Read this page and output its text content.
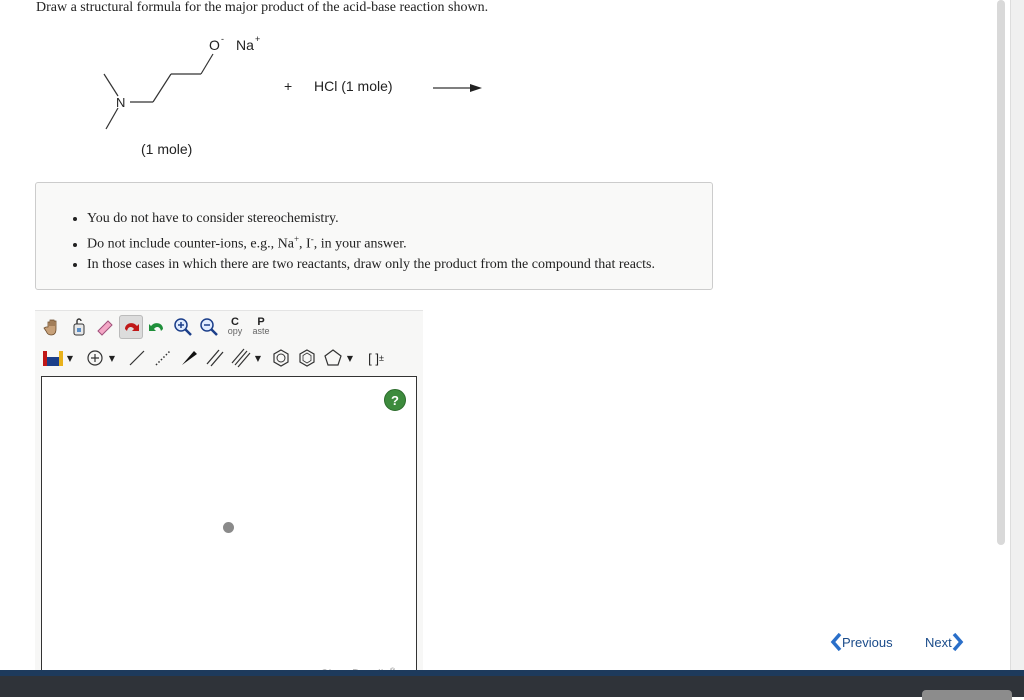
Draw a structural formula for the major product of the acid-base reaction shown.
O - Na +
N
+ HCl (1 mole)
(1 mole)
• You do not have to consider stereochemistry.
• Do not include counter-ions, e.g., Na+, I-, in your answer.
• In those cases in which there are two reactants, draw only the product from the compound that reacts.
C
opy
P
aste
▼	▼	▼	▼ [ ] ±
?
Previous Next
